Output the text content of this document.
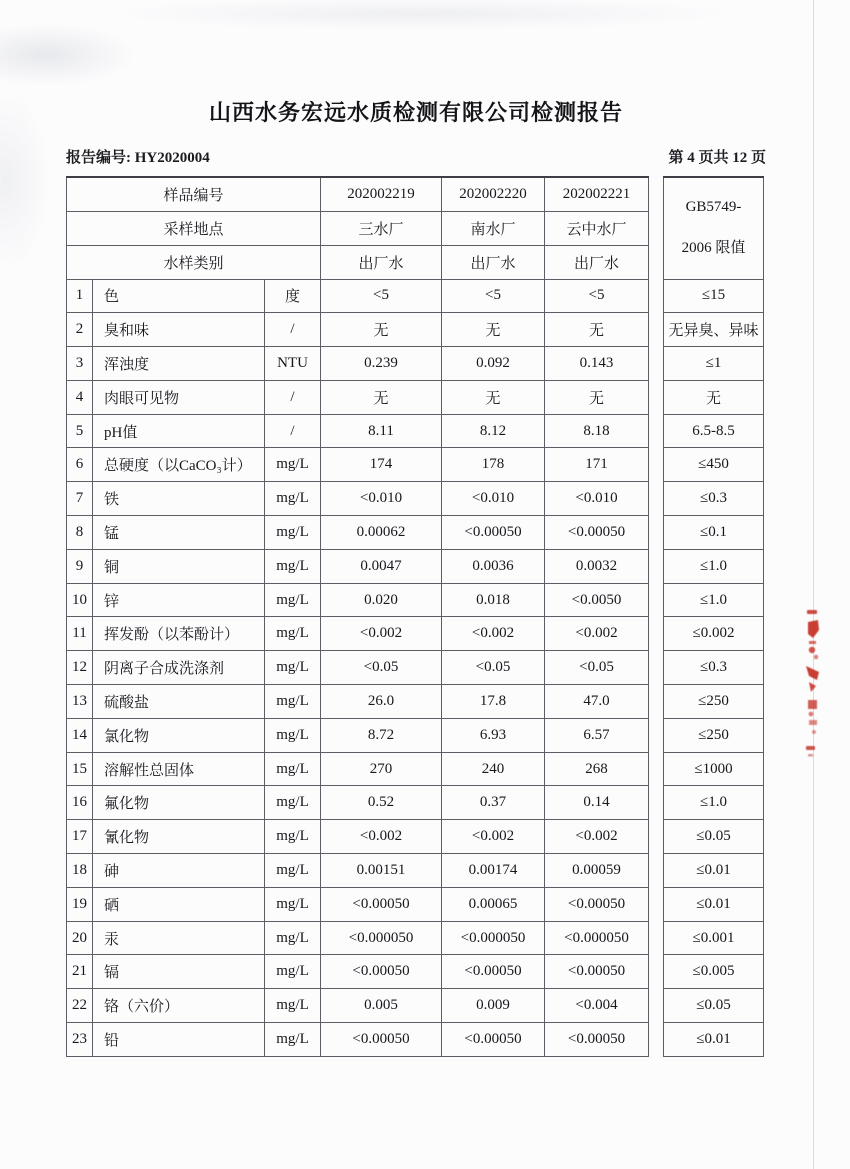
山西水务宏远水质检测有限公司检测报告
报告编号: HY2020004	第 4 页共 12 页
样品编号			202002219	202002220	202002221		GB5749-
2006 限值

采样地点			三水厂	南水厂	云中水厂		
水样类别			出厂水	出厂水	出厂水		
1	色	度	<5	<5	<5		≤15
2	臭和味	/	无	无	无		无异臭、异味
3	浑浊度	NTU	0.239	0.092	0.143		≤1
4	肉眼可见物	/	无	无	无		无
5	pH值	/	8.11	8.12	8.18		6.5-8.5
6	总硬度（以CaCO₃计）	mg/L	174	178	171		≤450
7	铁	mg/L	<0.010	<0.010	<0.010		≤0.3
8	锰	mg/L	0.00062	<0.00050	<0.00050		≤0.1
9	铜	mg/L	0.0047	0.0036	0.0032		≤1.0
10	锌	mg/L	0.020	0.018	<0.0050		≤1.0
11	挥发酚（以苯酚计）	mg/L	<0.002	<0.002	<0.002		≤0.002
12	阴离子合成洗涤剂	mg/L	<0.05	<0.05	<0.05		≤0.3
13	硫酸盐	mg/L	26.0	17.8	47.0		≤250
14	氯化物	mg/L	8.72	6.93	6.57		≤250
15	溶解性总固体	mg/L	270	240	268		≤1000
16	氟化物	mg/L	0.52	0.37	0.14		≤1.0
17	氰化物	mg/L	<0.002	<0.002	<0.002		≤0.05
18	砷	mg/L	0.00151	0.00174	0.00059		≤0.01
19	硒	mg/L	<0.00050	0.00065	<0.00050		≤0.01
20	汞	mg/L	<0.000050	<0.000050	<0.000050		≤0.001
21	镉	mg/L	<0.00050	<0.00050	<0.00050		≤0.005
22	铬（六价）	mg/L	0.005	0.009	<0.004		≤0.05
23	铅	mg/L	<0.00050	<0.00050	<0.00050		≤0.01
